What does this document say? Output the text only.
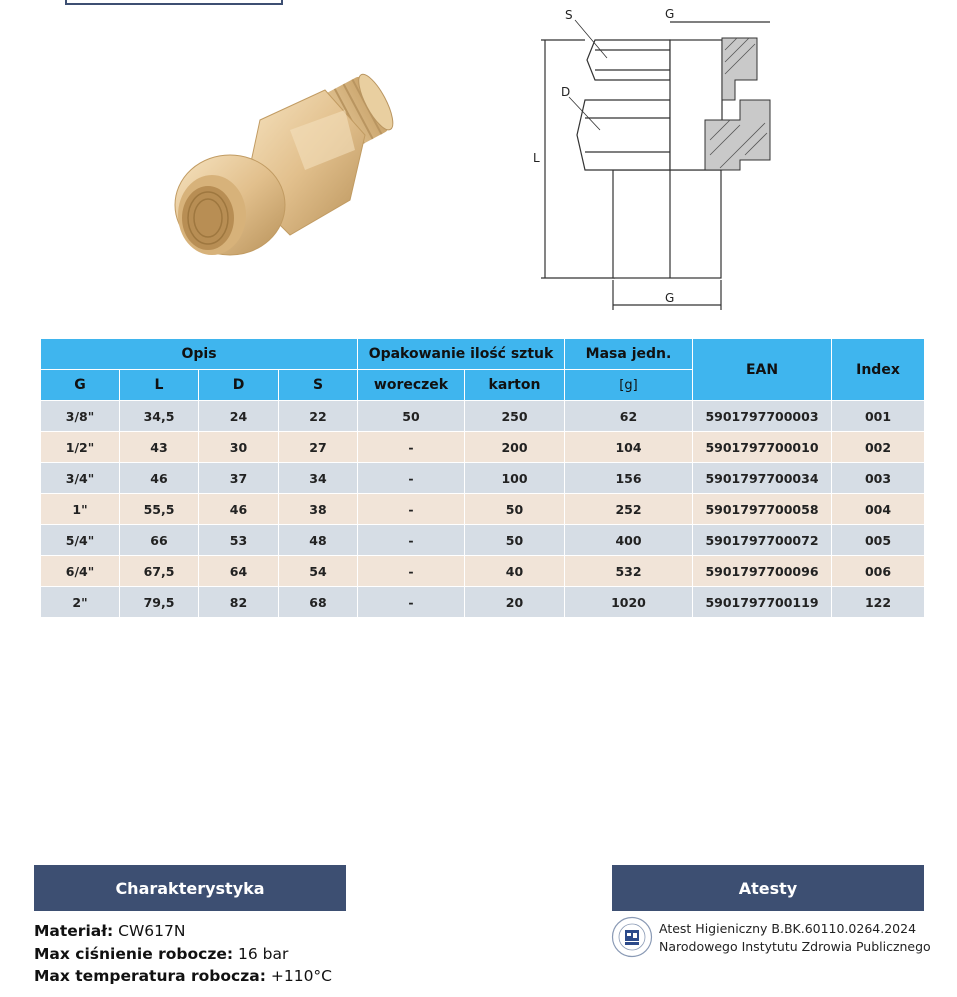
S	G
D
L
G
Opis				Opakowanie ilość sztuk		Masa jedn.	EAN	Index
G	L	D	S	woreczek	karton	[g]		
3/8"	34,5	24	22	50	250	62	5901797700003	001
1/2"	43	30	27	-	200	104	5901797700010	002
3/4"	46	37	34	-	100	156	5901797700034	003
1"	55,5	46	38	-	50	252	5901797700058	004
5/4"	66	53	48	-	50	400	5901797700072	005
6/4"	67,5	64	54	-	40	532	5901797700096	006
2"	79,5	82	68	-	20	1020	5901797700119	122
Charakterystyka
Materiał: CW617N
Max ciśnienie robocze: 16 bar
Max temperatura robocza: +110°C
Atesty
Atest Higieniczny B.BK.60110.0264.2024
Narodowego Instytutu Zdrowia Publicznego
